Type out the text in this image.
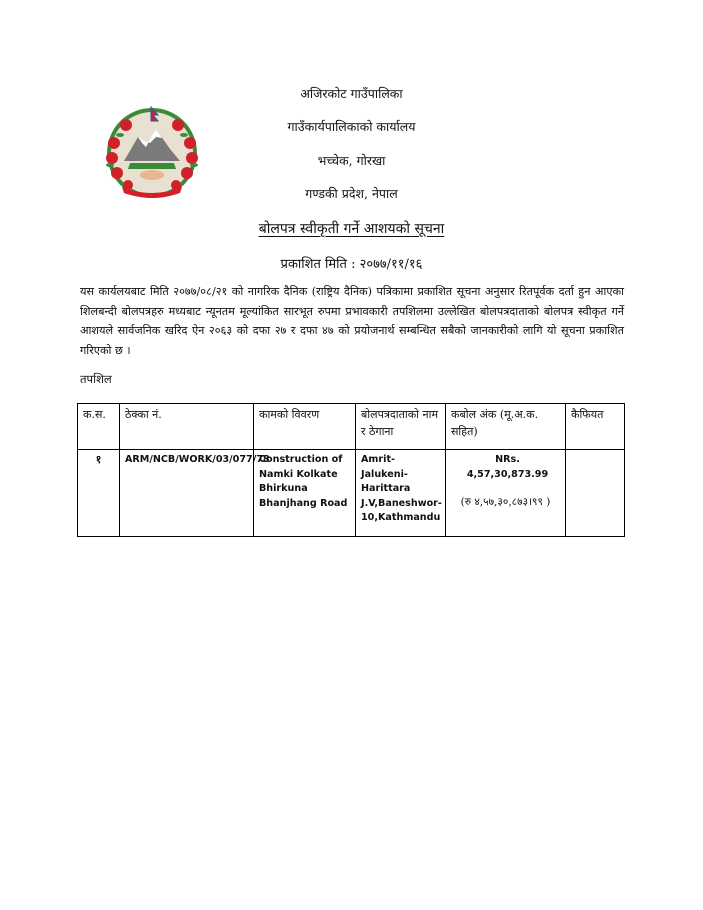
अजिरकोट गाउँपालिका
गाउँकार्यपालिकाको कार्यालय
भच्चेक, गोरखा
गण्डकी प्रदेश, नेपाल
बोलपत्र स्वीकृती गर्ने आशयको सूचना
प्रकाशित मिति : २०७७/११/१६
यस कार्यलयबाट मिति २०७७/०८/२१ को नागरिक दैनिक (राष्ट्रिय दैनिक) पत्रिकामा प्रकाशित सूचना अनुसार रितपूर्वक दर्ता हुन आएका शिलबन्दी बोलपत्रहरु मध्यबाट न्यूनतम मूल्यांकित सारभूत रुपमा प्रभावकारी तपशिलमा उल्लेखित बोलपत्रदाताको बोलपत्र स्वीकृत गर्ने आशयले सार्वजनिक खरिद ऐन २०६३ को दफा २७ र दफा ४७ को प्रयोजनार्थ सम्बन्धित सबैको जानकारीको लागि यो सूचना प्रकाशित गरिएको छ ।
तपशिल
क.स.	ठेक्का नं.	कामको विवरण	बोलपत्रदाताको नाम र ठेगाना	कबोल अंक (मू.अ.क. सहित)	कैफियत
१	ARM/NCB/WORK/03/077/78	Construction of Namki Kolkate Bhirkuna Bhanjhang Road	Amrit-Jalukeni-Harittara J.V,Baneshwor-10,Kathmandu	NRs. 4,57,30,873.99
(रु ४,५७,३०,८७३।९९ )	
